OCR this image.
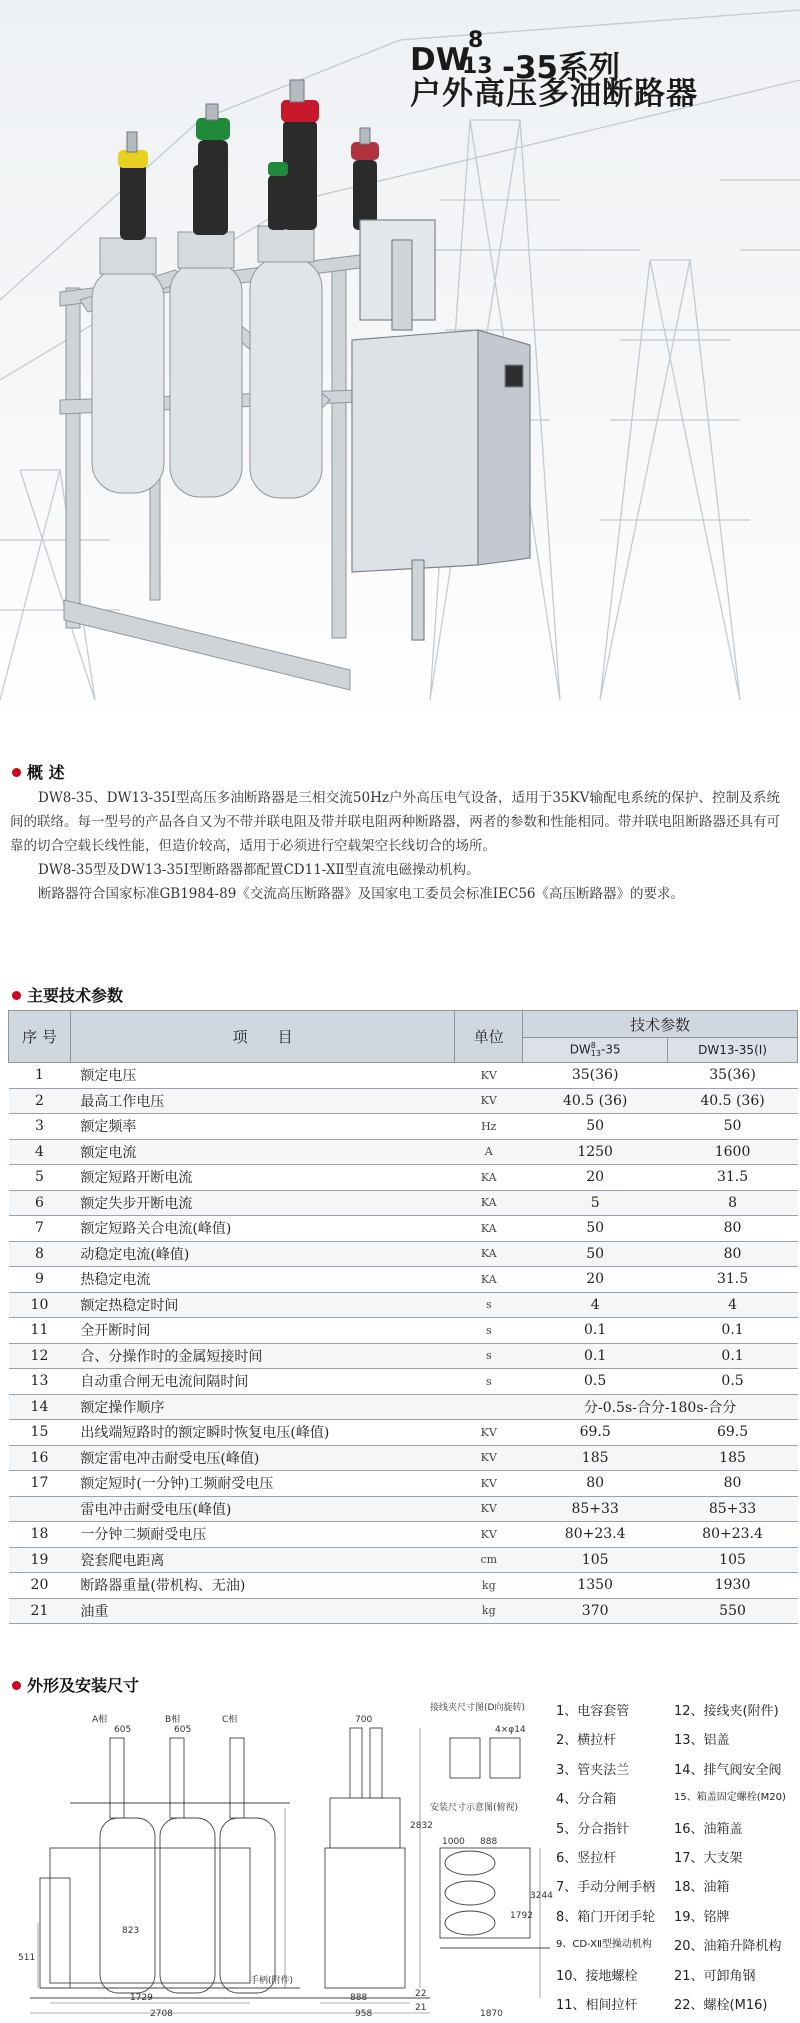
DW
8
13 -35系列
户外高压多油断路器
概 述

DW8-35、DW13-35Ⅰ型高压多油断路器是三相交流50Hz户外高压电气设备，适用于35KV输配电系统的保护、控制及系统间的联络。每一型号的产品各自又为不带并联电阻及带并联电阻两种断路器，两者的参数和性能相同。带并联电阻断路器还具有可靠的切合空载长线性能，但造价较高，适用于必须进行空载架空长线切合的场所。

DW8-35型及DW13-35Ⅰ型断路器都配置CD11-XⅡ型直流电磁操动机构。

断路器符合国家标准GB1984-89《交流高压断路器》及国家电工委员会标准IEC56《高压断路器》的要求。

主要技术参数
序 号	项　　目	单位	技术参数	
			DW8
13-35	DW13-35(Ⅰ)
1	额定电压	KV	35(36)	35(36)
2	最高工作电压	KV	40.5 (36)	40.5 (36)
3	额定频率	Hz	50	50
4	额定电流	A	1250	1600
5	额定短路开断电流	KA	20	31.5
6	额定失步开断电流	KA	5	8
7	额定短路关合电流(峰值)	KA	50	80
8	动稳定电流(峰值)	KA	50	80
9	热稳定电流	KA	20	31.5
10	额定热稳定时间	s	4	4
11	全开断时间	s	0.1	0.1
12	合、分操作时的金属短接时间	s	0.1	0.1
13	自动重合闸无电流间隔时间	s	0.5	0.5
14	额定操作顺序		分-0.5s-合分-180s-合分	
15	出线端短路时的额定瞬时恢复电压(峰值)	KV	69.5	69.5
16	额定雷电冲击耐受电压(峰值)	KV	185	185
17	额定短时(一分钟)工频耐受电压	KV	80	80
	雷电冲击耐受电压(峰值)	KV	85+33	85+33
18	一分钟二频耐受电压	KV	80+23.4	80+23.4
19	瓷套爬电距离	cm	105	105
20	断路器重量(带机构、无油)	kg	1350	1930
21	油重	kg	370	550
外形及安装尺寸
1729
2708
888
958	1870
823
511
2832
1792
3244
1000 888
605	605
700
4×φ14
21
22
A相	B相	C相
接线夹尺寸图(D向旋转)
安装尺寸示意图(俯视)
手柄(附件)
1、电容套管
2、横拉杆
3、管夹法兰
4、分合箱
5、分合指针
6、竖拉杆
7、手动分闸手柄
8、箱门开闭手轮
9、CD-XⅡ型操动机构
10、接地螺栓
11、相间拉杆
12、接线夹(附件)
13、铝盖
14、排气阀安全阀
15、箱盖固定螺栓(M20)
16、油箱盖
17、大支架
18、油箱
19、铭牌
20、油箱升降机构
21、可卸角钢
22、螺栓(M16)
